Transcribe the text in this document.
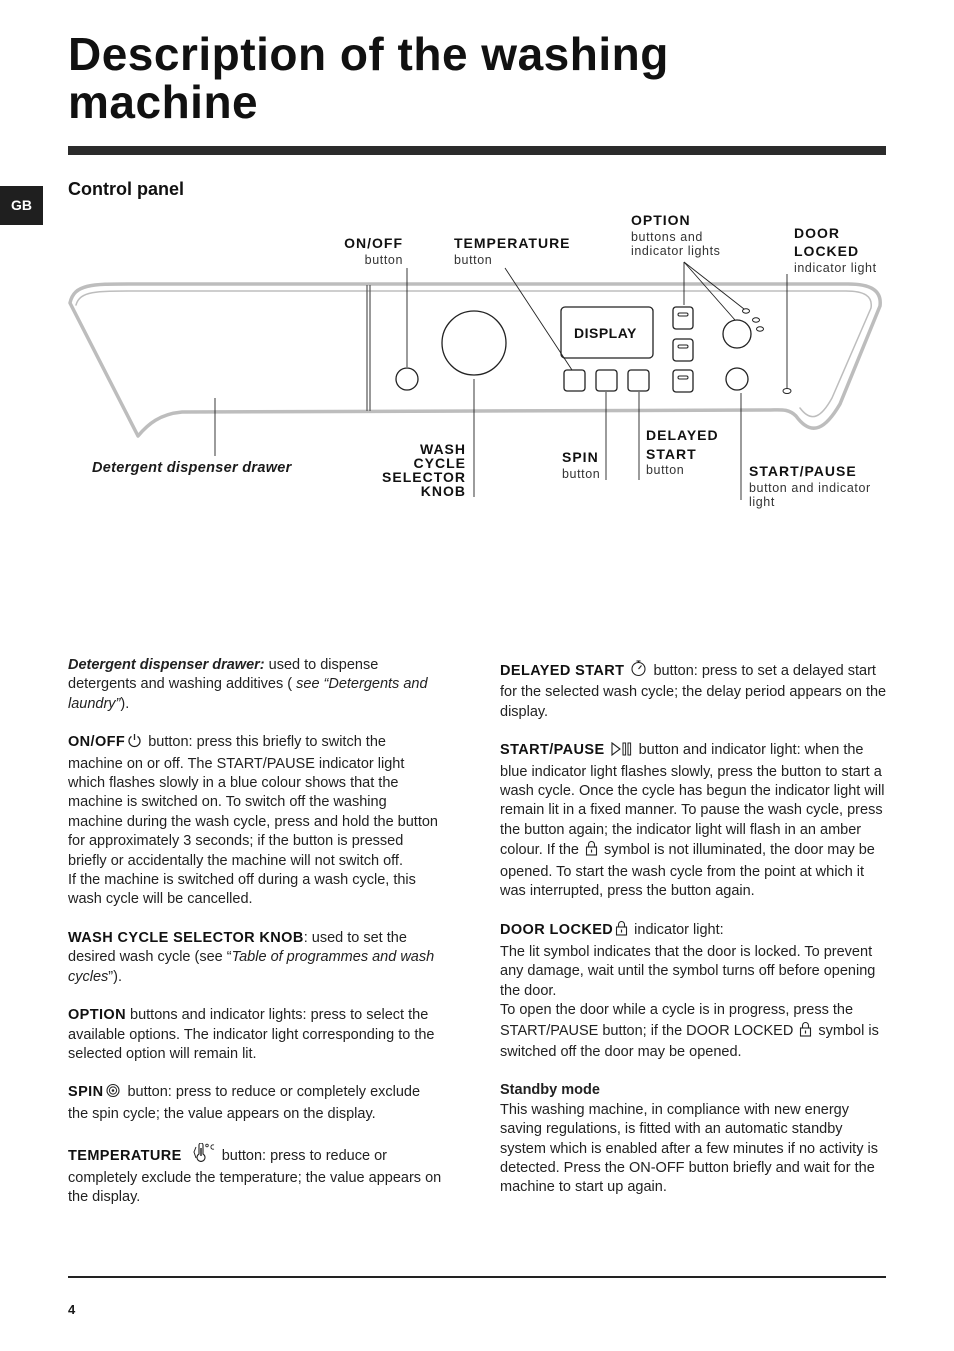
Description of the washing machine
GB
Control panel
ON/OFF
button
TEMPERATURE
button
OPTION
buttons and indicator lights
DOOR
LOCKED
indicator light
DISPLAY
Detergent dispenser drawer
WASH
CYCLE
SELECTOR
KNOB
SPIN
button
DELAYED
START
button	START/PAUSE
button and indicator
light

Detergent dispenser drawer: used to dispense detergents and washing additives ( see “Detergents and laundry”).

ON/OFF button: press this briefly to switch the machine on or off. The START/PAUSE indicator light which flashes slowly in a blue colour shows that the machine is switched on. To switch off the washing machine during the wash cycle, press and hold the button for approximately 3 seconds; if the button is pressed briefly or accidentally the machine will not switch off.
If the machine is switched off during a wash cycle, this wash cycle will be cancelled.

WASH CYCLE SELECTOR KNOB: used to set the desired wash cycle (see “Table of programmes and wash cycles”).

OPTION buttons and indicator lights: press to select the available options. The indicator light corresponding to the selected option will remain lit.

SPIN button: press to reduce or completely exclude the spin cycle; the value appears on the display.

TEMPERATURE button: press to reduce or completely exclude the temperature; the value appears on the display.

DELAYED START button: press to set a delayed start for the selected wash cycle; the delay period appears on the display.

START/PAUSE button and indicator light: when the blue indicator light flashes slowly, press the button to start a wash cycle. Once the cycle has begun the indicator light will remain lit in a fixed manner. To pause the wash cycle, press the button again; the indicator light will flash in an amber colour. If the  symbol is not illuminated, the door may be opened. To start the wash cycle from the point at which it was interrupted, press the button again.

DOOR LOCKED indicator light:
The lit symbol indicates that the door is locked. To prevent any damage, wait until the symbol turns off before opening the door.
To open the door while a cycle is in progress, press the START/PAUSE button; if the DOOR LOCKED  symbol is switched off the door may be opened.

Standby mode

This washing machine, in compliance with new energy saving regulations, is fitted with an automatic standby system which is enabled after a few minutes if no activity is detected. Press the ON-OFF button briefly and wait for the machine to start up again.

4
